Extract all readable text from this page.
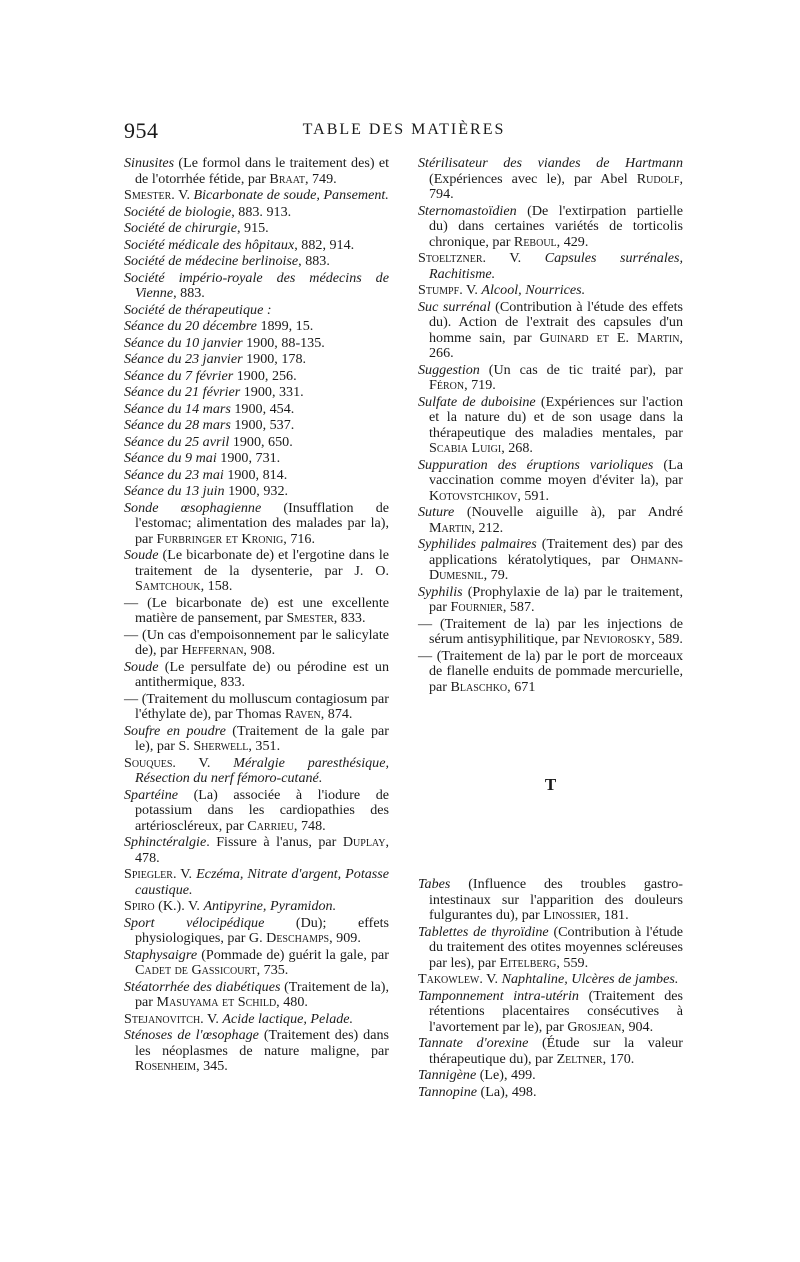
954	TABLE DES MATIÈRES

Sinusites (Le formol dans le traitement des) et de l'otorrhée fétide, par Braat, 749.

Smester. V. Bicarbonate de soude, Pansement.

Société de biologie, 883. 913.

Société de chirurgie, 915.

Société médicale des hôpitaux, 882, 914.

Société de médecine berlinoise, 883.

Société império-royale des médecins de Vienne, 883.

Société de thérapeutique :

Séance du 20 décembre 1899, 15.

Séance du 10 janvier 1900, 88-135.

Séance du 23 janvier 1900, 178.

Séance du 7 février 1900, 256.

Séance du 21 février 1900, 331.

Séance du 14 mars 1900, 454.

Séance du 28 mars 1900, 537.

Séance du 25 avril 1900, 650.

Séance du 9 mai 1900, 731.

Séance du 23 mai 1900, 814.

Séance du 13 juin 1900, 932.

Sonde œsophagienne (Insufflation de l'estomac; alimentation des malades par la), par Furbringer et Kronig, 716.

Soude (Le bicarbonate de) et l'ergotine dans le traitement de la dysenterie, par J. O. Samtchouk, 158.

— (Le bicarbonate de) est une excellente matière de pansement, par Smester, 833.

— (Un cas d'empoisonnement par le salicylate de), par Heffernan, 908.

Soude (Le persulfate de) ou pérodine est un antithermique, 833.

— (Traitement du molluscum contagiosum par l'éthylate de), par Thomas Raven, 874.

Soufre en poudre (Traitement de la gale par le), par S. Sherwell, 351.

Souques. V. Méralgie paresthésique, Résection du nerf fémoro-cutané.

Spartéine (La) associée à l'iodure de potassium dans les cardiopathies des artérioscléreux, par Carrieu, 748.

Sphinctéralgie. Fissure à l'anus, par Duplay, 478.

Spiegler. V. Eczéma, Nitrate d'argent, Potasse caustique.

Spiro (K.). V. Antipyrine, Pyramidon.

Sport vélocipédique (Du); effets physiologiques, par G. Deschamps, 909.

Staphysaigre (Pommade de) guérit la gale, par Cadet de Gassicourt, 735.

Stéatorrhée des diabétiques (Traitement de la), par Masuyama et Schild, 480.

Stejanovitch. V. Acide lactique, Pelade.

Sténoses de l'œsophage (Traitement des) dans les néoplasmes de nature maligne, par Rosenheim, 345.

Stérilisateur des viandes de Hartmann (Expériences avec le), par Abel Rudolf, 794.

Sternomastoïdien (De l'extirpation partielle du) dans certaines variétés de torticolis chronique, par Reboul, 429.

Stoeltzner. V. Capsules surrénales, Rachitisme.

Stumpf. V. Alcool, Nourrices.

Suc surrénal (Contribution à l'étude des effets du). Action de l'extrait des capsules d'un homme sain, par Guinard et E. Martin, 266.

Suggestion (Un cas de tic traité par), par Féron, 719.

Sulfate de duboisine (Expériences sur l'action et la nature du) et de son usage dans la thérapeutique des maladies mentales, par Scabia Luigi, 268.

Suppuration des éruptions varioliques (La vaccination comme moyen d'éviter la), par Kotovstchikov, 591.

Suture (Nouvelle aiguille à), par André Martin, 212.

Syphilides palmaires (Traitement des) par des applications kératolytiques, par Ohmann-Dumesnil, 79.

Syphilis (Prophylaxie de la) par le traitement, par Fournier, 587.

— (Traitement de la) par les injections de sérum antisyphilitique, par Neviorosky, 589.

— (Traitement de la) par le port de morceaux de flanelle enduits de pommade mercurielle, par Blaschko, 671

T

Tabes (Influence des troubles gastro-intestinaux sur l'apparition des douleurs fulgurantes du), par Linossier, 181.

Tablettes de thyroïdine (Contribution à l'étude du traitement des otites moyennes scléreuses par les), par Eitelberg, 559.

Takowlew. V. Naphtaline, Ulcères de jambes.

Tamponnement intra-utérin (Traitement des rétentions placentaires consécutives à l'avortement par le), par Grosjean, 904.

Tannate d'orexine (Étude sur la valeur thérapeutique du), par Zeltner, 170.

Tannigène (Le), 499.

Tannopine (La), 498.
